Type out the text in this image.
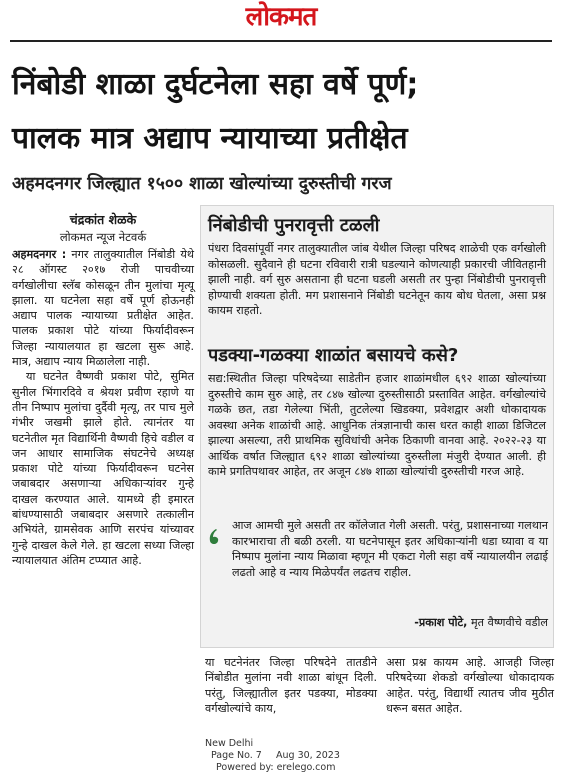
लोकमत
निंबोडी शाळा दुर्घटनेला सहा वर्षे पूर्ण;
पालक मात्र अद्याप न्यायाच्या प्रतीक्षेत
अहमदनगर जिल्ह्यात १५०० शाळा खोल्यांच्या दुरुस्तीची गरज
चंद्रकांत शेळके
लोकमत न्यूज नेटवर्क

अहमदनगर : नगर तालुक्यातील निंबोडी येथे २८ ऑगस्ट २०१७ रोजी पाचवीच्या वर्गखोलीचा स्लॅब कोसळून तीन मुलांचा मृत्यू झाला. या घटनेला सहा वर्षे पूर्ण होऊनही अद्याप पालक न्यायाच्या प्रतीक्षेत आहेत. पालक प्रकाश पोटे यांच्या फिर्यादीवरून जिल्हा न्यायालयात हा खटला सुरू आहे. मात्र, अद्याप न्याय मिळालेला नाही.

या घटनेत वैष्णवी प्रकाश पोटे, सुमित सुनील भिंगारदिवे व श्रेयश प्रवीण रहाणे या तीन निष्पाप मुलांचा दुर्दैवी मृत्यू, तर पाच मुले गंभीर जखमी झाले होते. त्यानंतर या घटनेतील मृत विद्यार्थिनी वैष्णवी हिचे वडील व जन आधार सामाजिक संघटनेचे अध्यक्ष प्रकाश पोटे यांच्या फिर्यादीवरून घटनेस जबाबदार असणाऱ्या अधिकाऱ्यांवर गुन्हे दाखल करण्यात आले. यामध्ये ही इमारत बांधण्यासाठी जबाबदार असणारे तत्कालीन अभियंते, ग्रामसेवक आणि सरपंच यांच्यावर गुन्हे दाखल केले गेले. हा खटला सध्या जिल्हा न्यायालयात अंतिम टप्प्यात आहे.

निंबोडीची पुनरावृत्ती टळली
पंधरा दिवसांपूर्वी नगर तालुक्यातील जांब येथील जिल्हा परिषद शाळेची एक वर्गखोली कोसळली. सुदैवाने ही घटना रविवारी रात्री घडल्याने कोणत्याही प्रकारची जीवितहानी झाली नाही. वर्ग सुरु असताना ही घटना घडली असती तर पुन्हा निंबोडीची पुनरावृत्ती होण्याची शक्यता होती. मग प्रशासनाने निंबोडी घटनेतून काय बोध घेतला, असा प्रश्न कायम राहतो.
पडक्या-गळक्या शाळांत बसायचे कसे?
सद्य:स्थितीत जिल्हा परिषदेच्या साडेतीन हजार शाळांमधील ६९२ शाळा खोल्यांच्या दुरुस्तीचे काम सुरु आहे, तर ८४७ खोल्या दुरुस्तीसाठी प्रस्तावित आहेत. वर्गखोल्यांचे गळके छत, तडा गेलेल्या भिंती, तुटलेल्या खिडक्या, प्रवेशद्वार अशी धोकादायक अवस्था अनेक शाळांची आहे. आधुनिक तंत्रज्ञानाची कास धरत काही शाळा डिजिटल झाल्या असल्या, तरी प्राथमिक सुविधांची अनेक ठिकाणी वानवा आहे. २०२२-२३ या आर्थिक वर्षात जिल्ह्यात ६९२ शाळा खोल्यांच्या दुरुस्तीला मंजुरी देण्यात आली. ही कामे प्रगतिपथावर आहेत, तर अजून ८४७ शाळा खोल्यांची दुरुस्तीची गरज आहे.
आज आमची मुले असती तर कॉलेजात गेली असती. परंतु, प्रशासनाच्या गलथान कारभाराचा ती बळी ठरली. या घटनेपासून इतर अधिकाऱ्यांनी धडा घ्यावा व या निष्पाप मुलांना न्याय मिळावा म्हणून मी एकटा गेली सहा वर्षे न्यायालयीन लढाई लढतो आहे व न्याय मिळेपर्यंत लढतच राहील.
-प्रकाश पोटे, मृत वैष्णवीचे वडील
या घटनेनंतर जिल्हा परिषदेने तातडीने निंबोडीत मुलांना नवी शाळा बांधून दिली. परंतु, जिल्ह्यातील इतर पडक्या, मोडक्या वर्गखोल्यांचे काय,
असा प्रश्न कायम आहे. आजही जिल्हा परिषदेच्या शेकडो वर्गखोल्या धोकादायक आहेत. परंतु, विद्यार्थी त्यातच जीव मुठीत धरून बसत आहेत.
New Delhi
Page No. 7 Aug 30, 2023
Powered by: erelego.com
